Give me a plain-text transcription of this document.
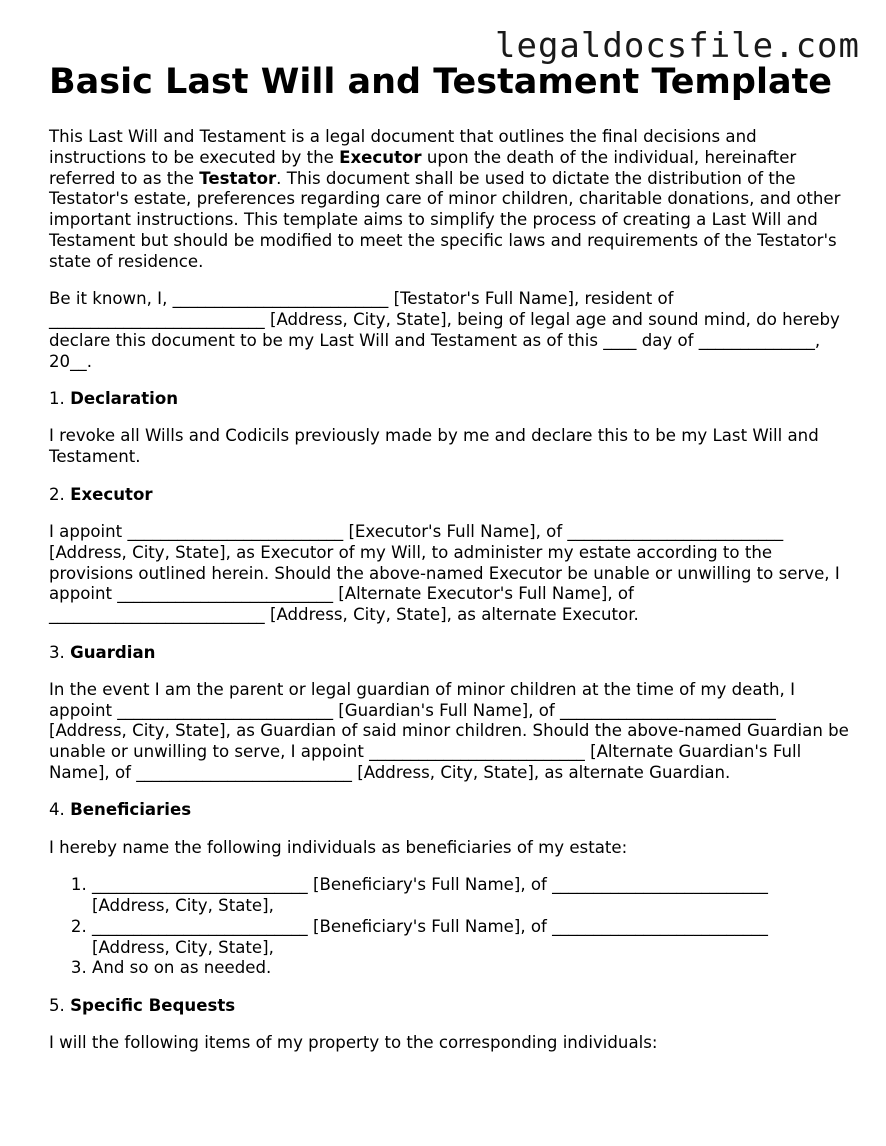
legaldocsfile.com
Basic Last Will and Testament Template

This Last Will and Testament is a legal document that outlines the final decisions and instructions to be executed by the Executor upon the death of the individual, hereinafter referred to as the Testator. This document shall be used to dictate the distribution of the Testator's estate, preferences regarding care of minor children, charitable donations, and other important instructions. This template aims to simplify the process of creating a Last Will and Testament but should be modified to meet the specific laws and requirements of the Testator's state of residence.

Be it known, I, __________________________ [Testator's Full Name], resident of __________________________ [Address, City, State], being of legal age and sound mind, do hereby declare this document to be my Last Will and Testament as of this ____ day of ______________, 20__.

1. Declaration

I revoke all Wills and Codicils previously made by me and declare this to be my Last Will and Testament.

2. Executor

I appoint __________________________ [Executor's Full Name], of __________________________ [Address, City, State], as Executor of my Will, to administer my estate according to the provisions outlined herein. Should the above-named Executor be unable or unwilling to serve, I appoint __________________________ [Alternate Executor's Full Name], of __________________________ [Address, City, State], as alternate Executor.

3. Guardian

In the event I am the parent or legal guardian of minor children at the time of my death, I appoint __________________________ [Guardian's Full Name], of __________________________ [Address, City, State], as Guardian of said minor children. Should the above-named Guardian be unable or unwilling to serve, I appoint __________________________ [Alternate Guardian's Full Name], of __________________________ [Address, City, State], as alternate Guardian.

4. Beneficiaries

I hereby name the following individuals as beneficiaries of my estate:

1. __________________________ [Beneficiary's Full Name], of __________________________ [Address, City, State],
2. __________________________ [Beneficiary's Full Name], of __________________________ [Address, City, State],
3. And so on as needed.
5. Specific Bequests

I will the following items of my property to the corresponding individuals:
